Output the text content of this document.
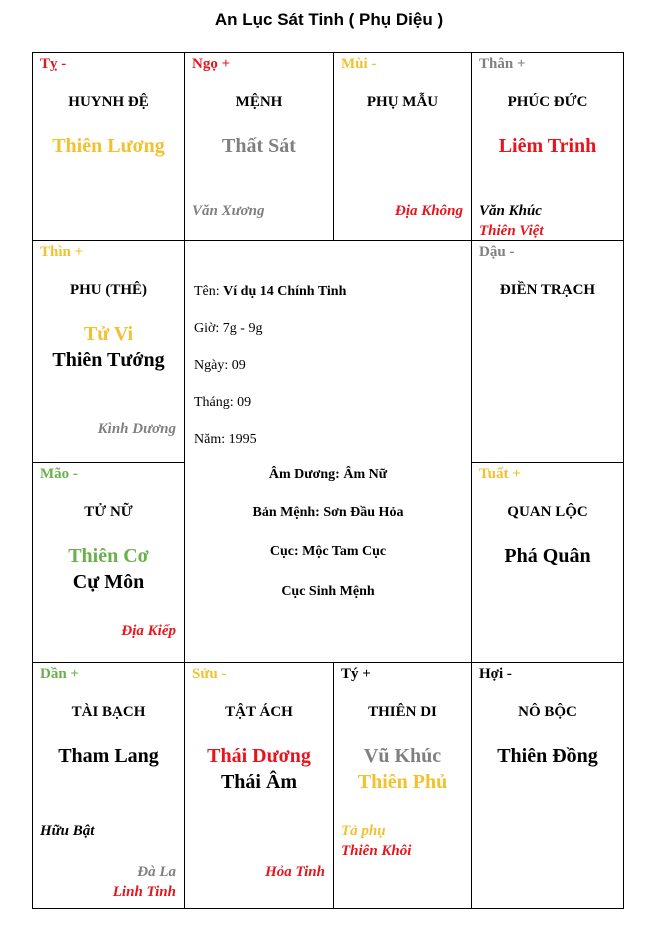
An Lục Sát Tinh ( Phụ Diệu )
Tỵ -
HUYNH ĐỆ
Thiên Lương
Ngọ +
MỆNH
Thất Sát
Văn Xương
Mùi -
PHỤ MẪU
Địa Không
Thân +
PHÚC ĐỨC
Liêm Trinh
Văn Khúc
Thiên Việt
Thìn +
PHU (THÊ)
Tử Vi
Thiên Tướng
Kình Dương
Dậu -
ĐIỀN TRẠCH
Tên: Ví dụ 14 Chính Tinh
Giờ: 7g - 9g
Ngày: 09
Tháng: 09
Năm: 1995
Âm Dương: Âm Nữ
Bản Mệnh: Sơn Đầu Hỏa
Cục: Mộc Tam Cục
Cục Sinh Mệnh
Mão -
TỬ NỮ
Thiên Cơ
Cự Môn
Địa Kiếp
Tuất +
QUAN LỘC
Phá Quân
Dần +
TÀI BẠCH
Tham Lang
Hữu Bật
Đà La
Linh Tinh
Sửu -
TẬT ÁCH
Thái Dương
Thái Âm
Hỏa Tinh
Tý +
THIÊN DI
Vũ Khúc
Thiên Phủ
Tả phụ
Thiên Khôi
Hợi -
NÔ BỘC
Thiên Đồng
